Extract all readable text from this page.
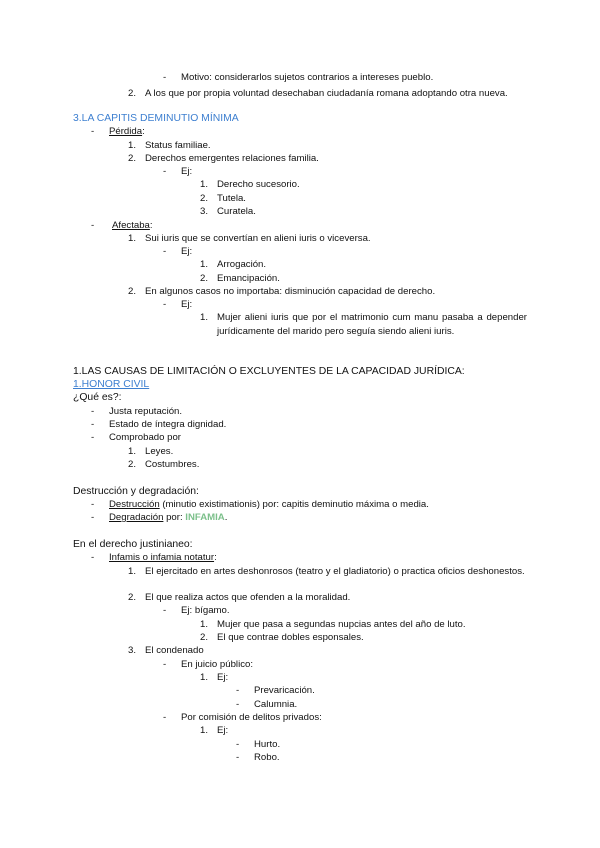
- Motivo: considerarlos sujetos contrarios a intereses pueblo.
2. A los que por propia voluntad desechaban ciudadanía romana adoptando otra nueva.
3.LA CAPITIS DEMINUTIO MÍNIMA
- Pérdida:
1. Status familiae.
2. Derechos emergentes relaciones familia.
- Ej:
1. Derecho sucesorio.
2. Tutela.
3. Curatela.
- Afectaba:
1. Sui iuris que se convertían en alieni iuris o viceversa.
- Ej:
1. Arrogación.
2. Emancipación.
2. En algunos casos no importaba: disminución capacidad de derecho.
- Ej:
1. Mujer alieni iuris que por el matrimonio cum manu pasaba a depender jurídicamente del marido pero seguía siendo alieni iuris.
1.LAS CAUSAS DE LIMITACIÓN O EXCLUYENTES DE LA CAPACIDAD JURÍDICA:
1.HONOR CIVIL
¿Qué es?:
- Justa reputación.
- Estado de íntegra dignidad.
- Comprobado por
1. Leyes.
2. Costumbres.
Destrucción y degradación:
- Destrucción (minutio existimationis) por: capitis deminutio máxima o media.
- Degradación por: INFAMIA.
En el derecho justinianeo:
- Infamis o infamia notatur:
1. El ejercitado en artes deshonrosos (teatro y el gladiatorio) o practica oficios deshonestos.
2. El que realiza actos que ofenden a la moralidad.
- Ej: bígamo.
1. Mujer que pasa a segundas nupcias antes del año de luto.
2. El que contrae dobles esponsales.
3. El condenado
- En juicio público:
1. Ej:
- Prevaricación.
- Calumnia.
- Por comisión de delitos privados:
1. Ej:
- Hurto.
- Robo.
